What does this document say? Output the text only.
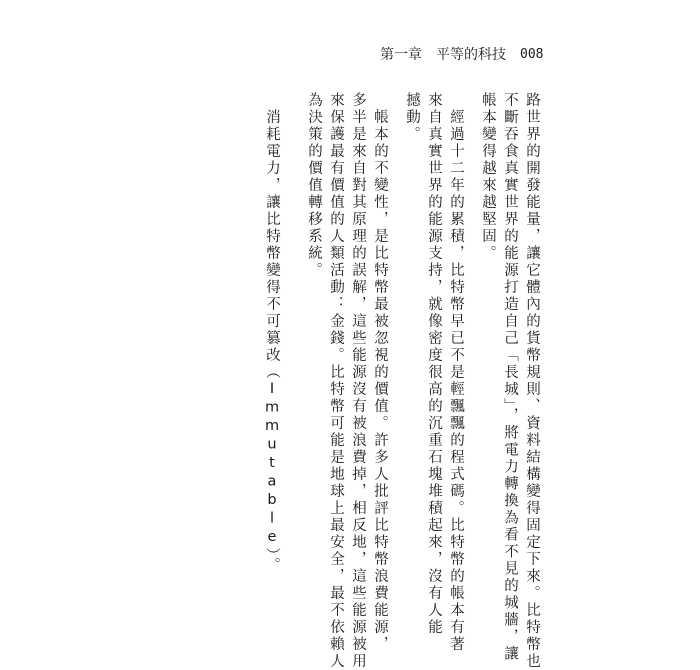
第一章 平等的科技 008
路世界的開發能量，讓它體內的貨幣規則、資料結構變得固定下來。比特幣也
不斷吞食真實世界的能源打造自己「長城」，將電力轉換為看不見的城牆，讓
帳本變得越來越堅固。
　經過十二年的累積，比特幣早已不是輕飄飄的程式碼。比特幣的帳本有著
來自真實世界的能源支持，就像密度很高的沉重石塊堆積起來，沒有人能
撼動。
　帳本的不變性，是比特幣最被忽視的價值。許多人批評比特幣浪費能源，
多半是來自對其原理的誤解，這些能源沒有被浪費掉，相反地，這些能源被用
來保護最有價值的人類活動：金錢。比特幣可能是地球上最安全，最不依賴人
為決策的價值轉移系統。
　消耗電力，讓比特幣變得不可篡改（Immutable）。
